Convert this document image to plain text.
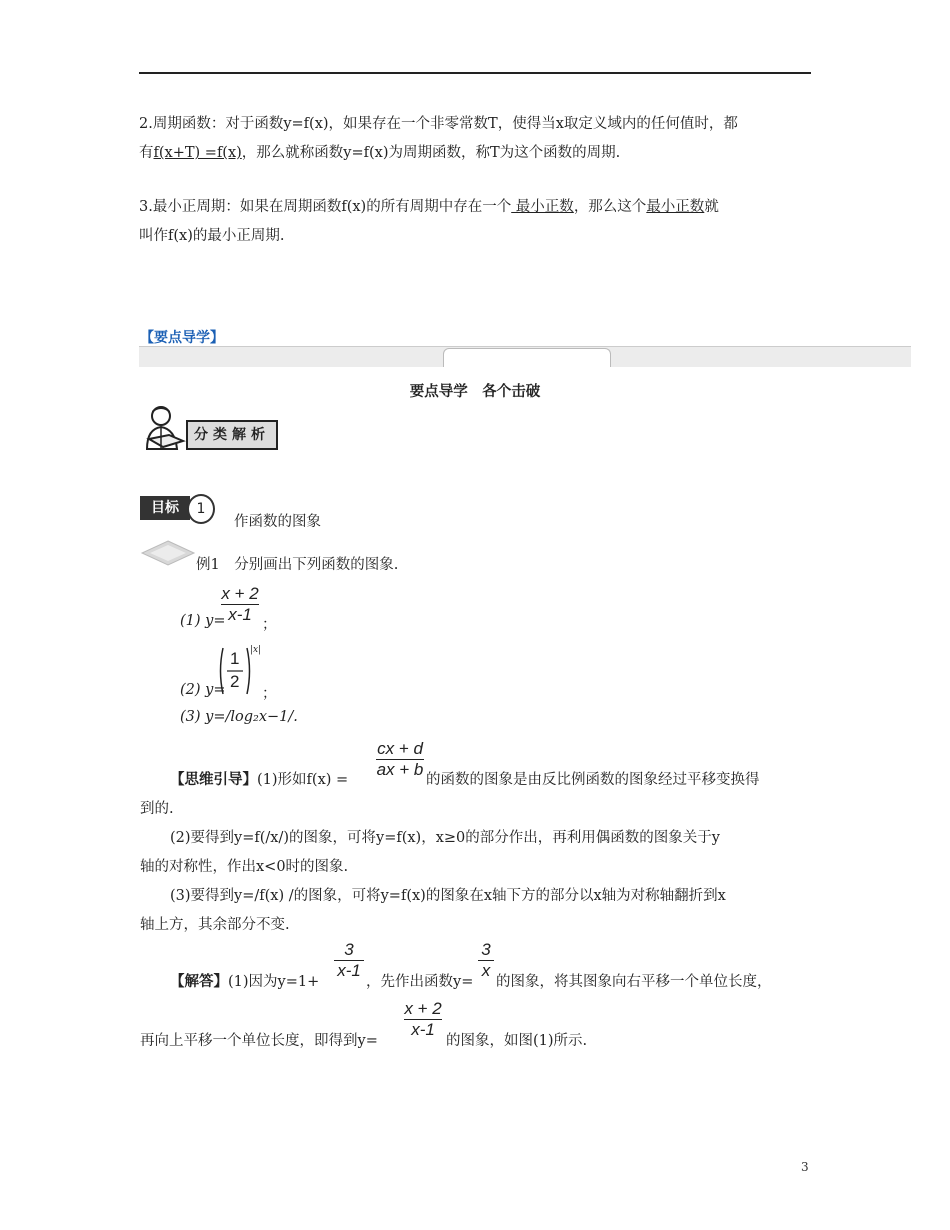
2.周期函数：对于函数y=f(x)，如果存在一个非零常数T，使得当x取定义域内的任何值时，都
有f(x+T) =f(x)，那么就称函数y=f(x)为周期函数，称T为这个函数的周期.
3.最小正周期：如果在周期函数f(x)的所有周期中存在一个 最小正数，那么这个最小正数就
叫作f(x)的最小正周期.
【要点导学】
要点导学　各个击破
分类解析
目标	1
作函数的图象
例1　分别画出下列函数的图象.
(1) y=
$\frac{x + 2}{x-1}$ ；
(2) y=
1
2
|x|
；
(3) y=/log₂x−1/.
【思维引导】(1)形如$f(x) = \frac{cx + d}{ax + b}$ 的函数的图象是由反比例函数的图象经过平移变换得
到的.
(2)要得到y=f(/x/)的图象，可将y=f(x)，x≥0的部分作出，再利用偶函数的图象关于y
轴的对称性，作出x<0时的图象.
(3)要得到y=/f(x) /的图象，可将y=f(x)的图象在x轴下方的部分以x轴为对称轴翻折到x
轴上方，其余部分不变.
【解答】(1)因为y=1+
$\frac{3}{x-1}$
，先作出函数y=
$\frac{3}{x}$
的图象，将其图象向右平移一个单位长度，
再向上平移一个单位长度，即得到y=
$\frac{x + 2}{x-1}$
的图象，如图(1)所示.
3
